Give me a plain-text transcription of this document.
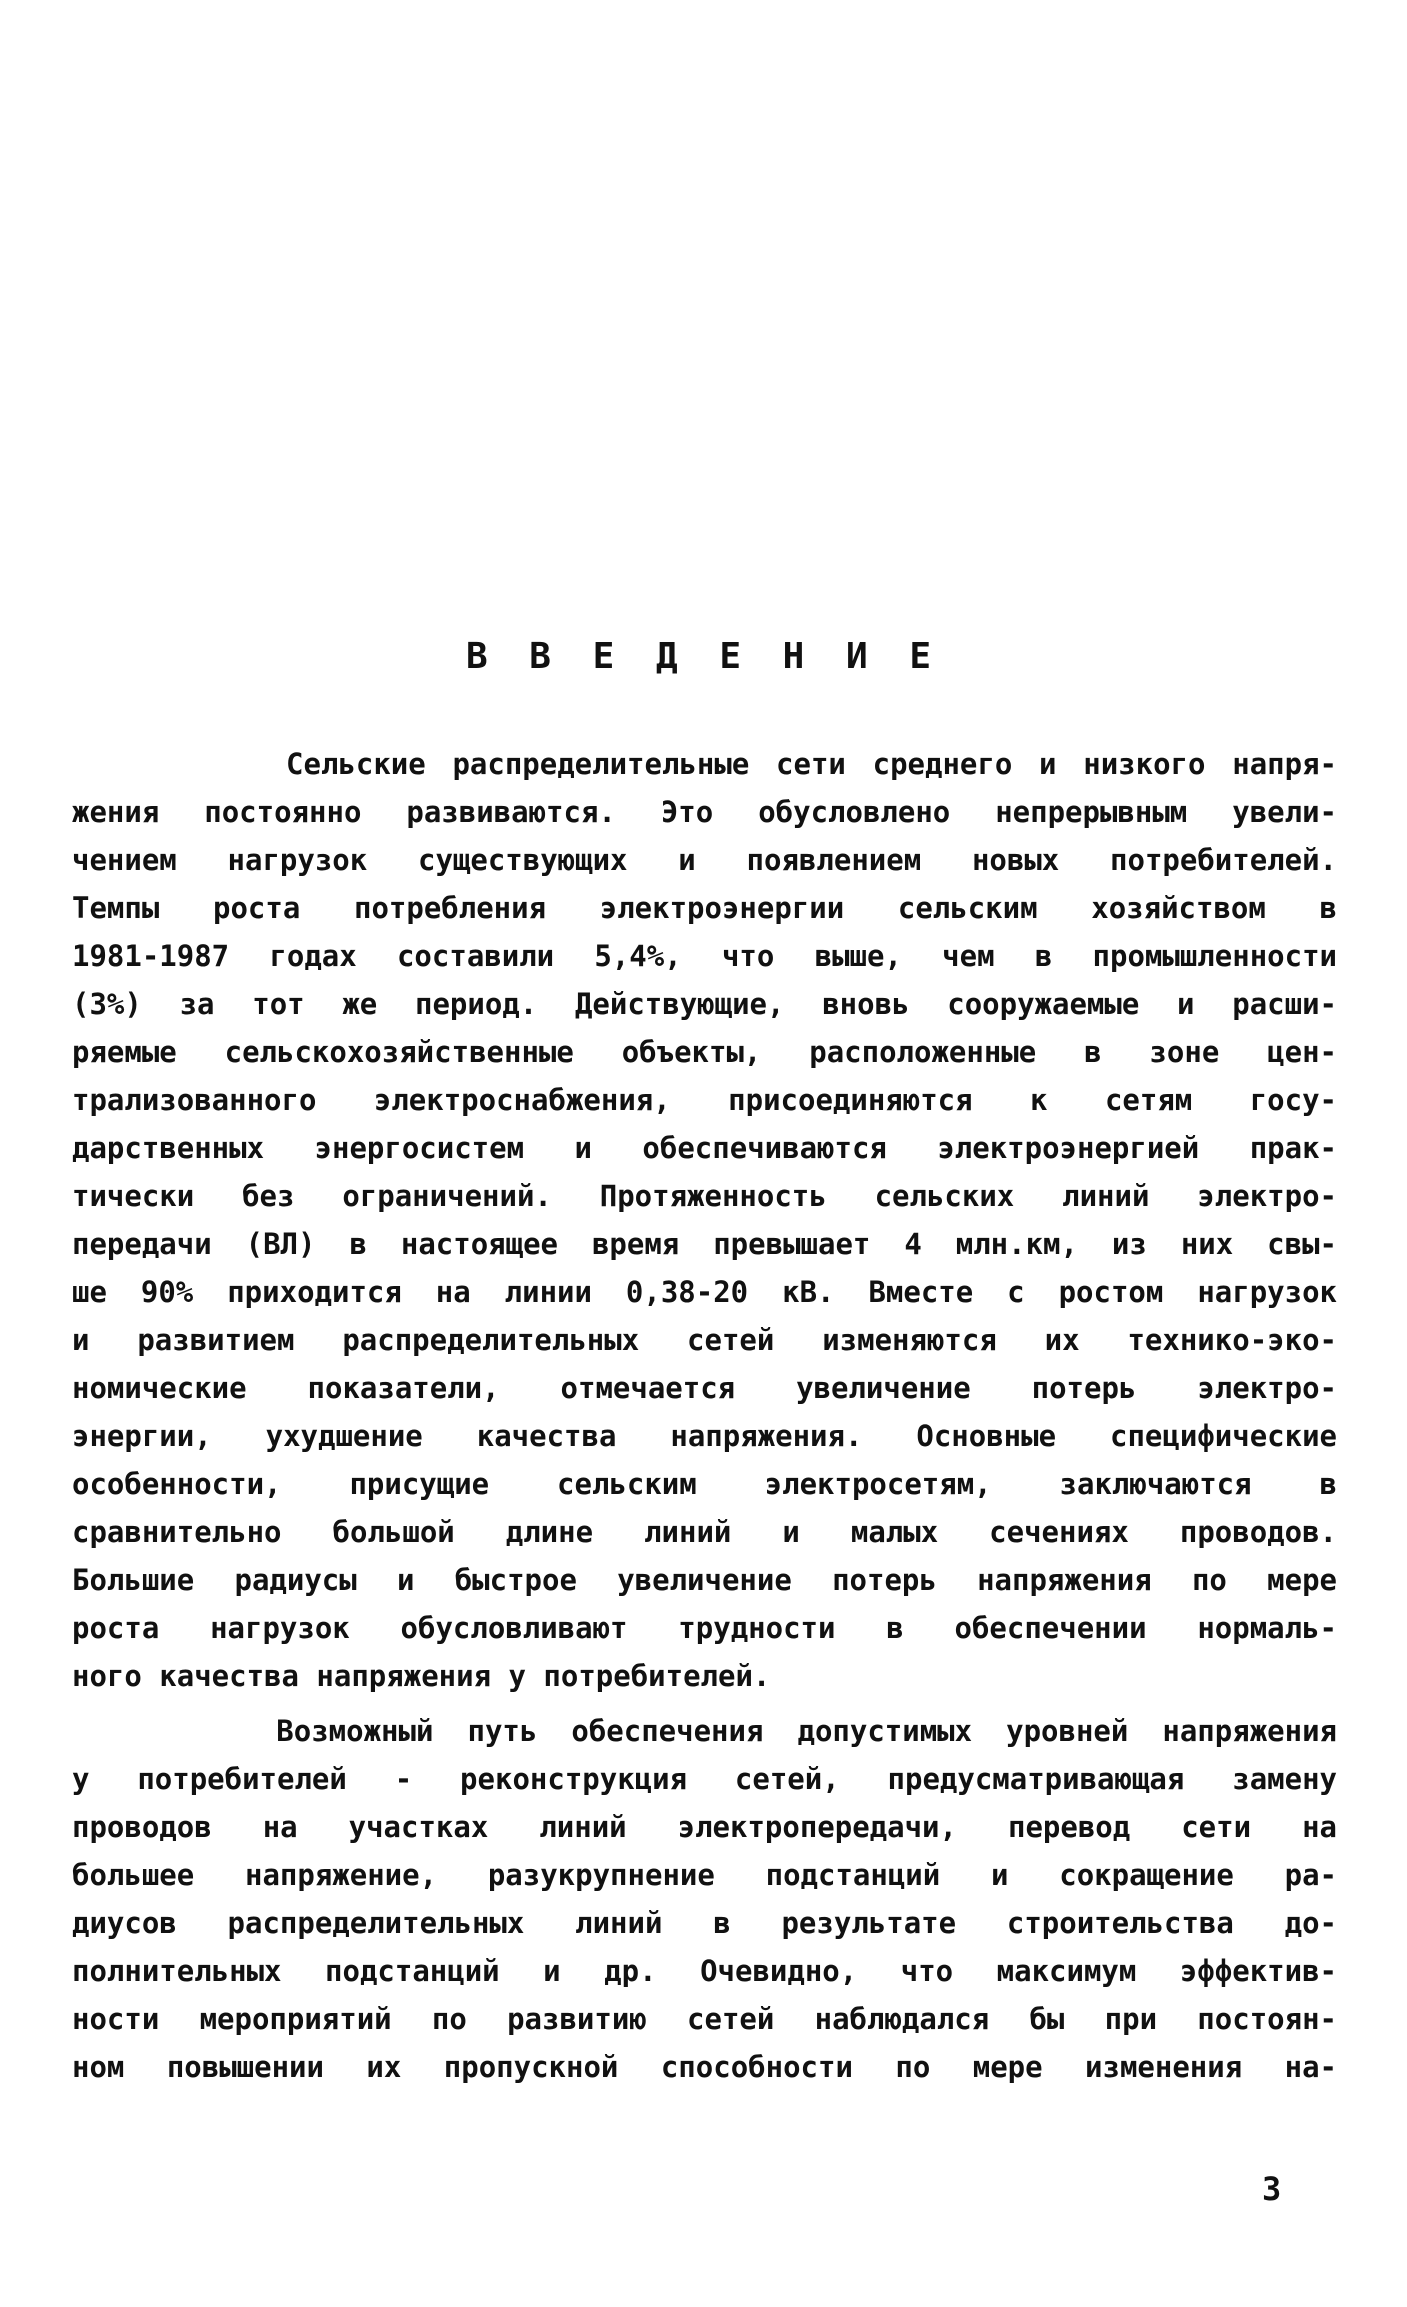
В В Е Д Е Н И Е
Сельские распределительные сети среднего и низкого напря-
жения постоянно развиваются. Это обусловлено непрерывным увели-
чением нагрузок существующих и появлением новых потребителей.
Темпы роста потребления электроэнергии сельским хозяйством в
1981-1987 годах составили 5,4%, что выше, чем в промышленности
(3%) за тот же период. Действующие, вновь сооружаемые и расши-
ряемые сельскохозяйственные объекты, расположенные в зоне цен-
трализованного электроснабжения, присоединяются к сетям госу-
дарственных энергосистем и обеспечиваются электроэнергией прак-
тически без ограничений. Протяженность сельских линий электро-
передачи (ВЛ) в настоящее время превышает 4 млн.км, из них свы-
ше 90% приходится на линии 0,38-20 кВ. Вместе с ростом нагрузок
и развитием распределительных сетей изменяются их технико-эко-
номические показатели, отмечается увеличение потерь электро-
энергии, ухудшение качества напряжения. Основные специфические
особенности, присущие сельским электросетям, заключаются в
сравнительно большой длине линий и малых сечениях проводов.
Большие радиусы и быстрое увеличение потерь напряжения по мере
роста нагрузок обусловливают трудности в обеспечении нормаль-
ного качества напряжения у потребителей.
Возможный путь обеспечения допустимых уровней напряжения
у потребителей - реконструкция сетей, предусматривающая замену
проводов на участках линий электропередачи, перевод сети на
большее напряжение, разукрупнение подстанций и сокращение ра-
диусов распределительных линий в результате строительства до-
полнительных подстанций и др. Очевидно, что максимум эффектив-
ности мероприятий по развитию сетей наблюдался бы при постоян-
ном повышении их пропускной способности по мере изменения на-
3
